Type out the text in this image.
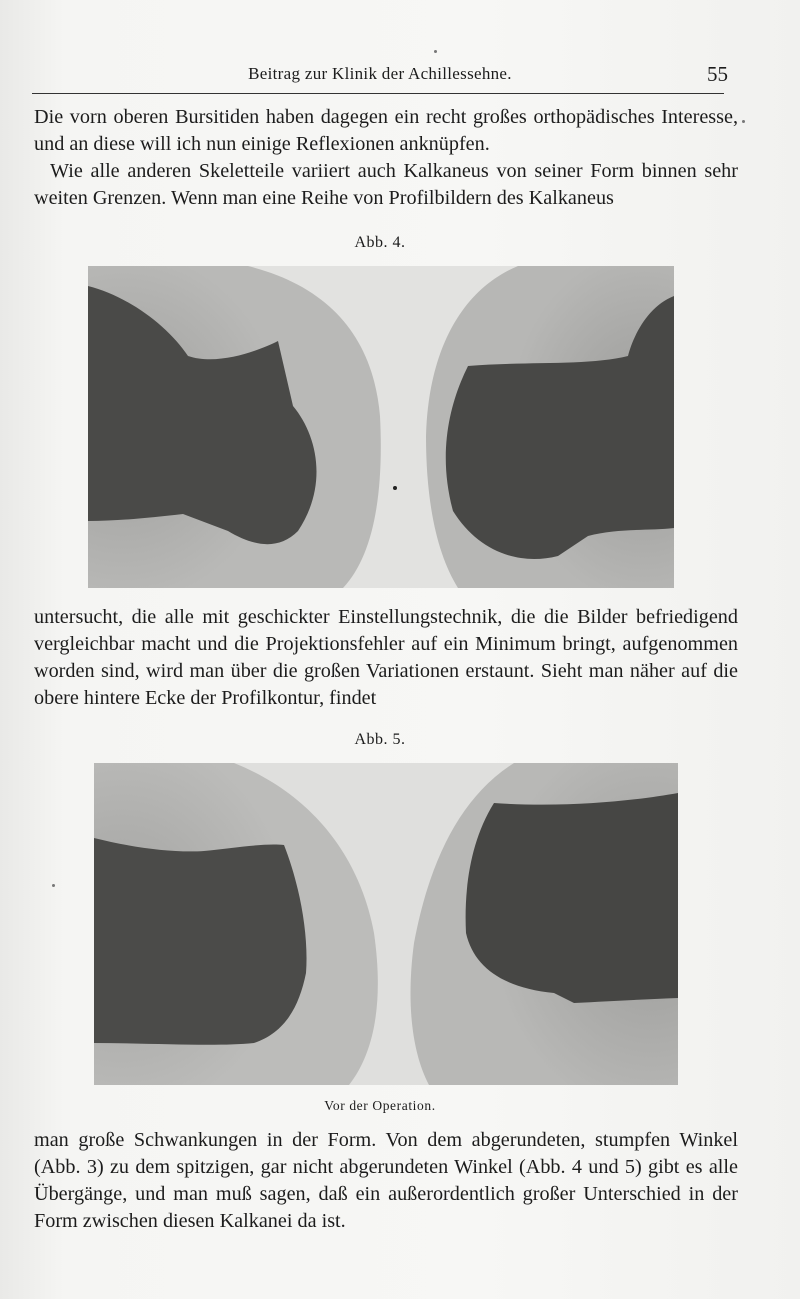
Beitrag zur Klinik der Achillessehne.	55

Die vorn oberen Bursitiden haben dagegen ein recht großes orthopädisches Interesse, und an diese will ich nun einige Reflexionen anknüpfen.

Wie alle anderen Skeletteile variiert auch Kalkaneus von seiner Form binnen sehr weiten Grenzen. Wenn man eine Reihe von Profilbildern des Kalkaneus

Abb. 4.

untersucht, die alle mit geschickter Einstellungstechnik, die die Bilder befriedigend vergleichbar macht und die Projektionsfehler auf ein Minimum bringt, aufgenommen worden sind, wird man über die großen Variationen erstaunt. Sieht man näher auf die obere hintere Ecke der Profilkontur, findet

Abb. 5.
Vor der Operation.

man große Schwankungen in der Form. Von dem abgerundeten, stumpfen Winkel (Abb. 3) zu dem spitzigen, gar nicht abgerundeten Winkel (Abb. 4 und 5) gibt es alle Übergänge, und man muß sagen, daß ein außerordentlich großer Unterschied in der Form zwischen diesen Kalkanei da ist.
